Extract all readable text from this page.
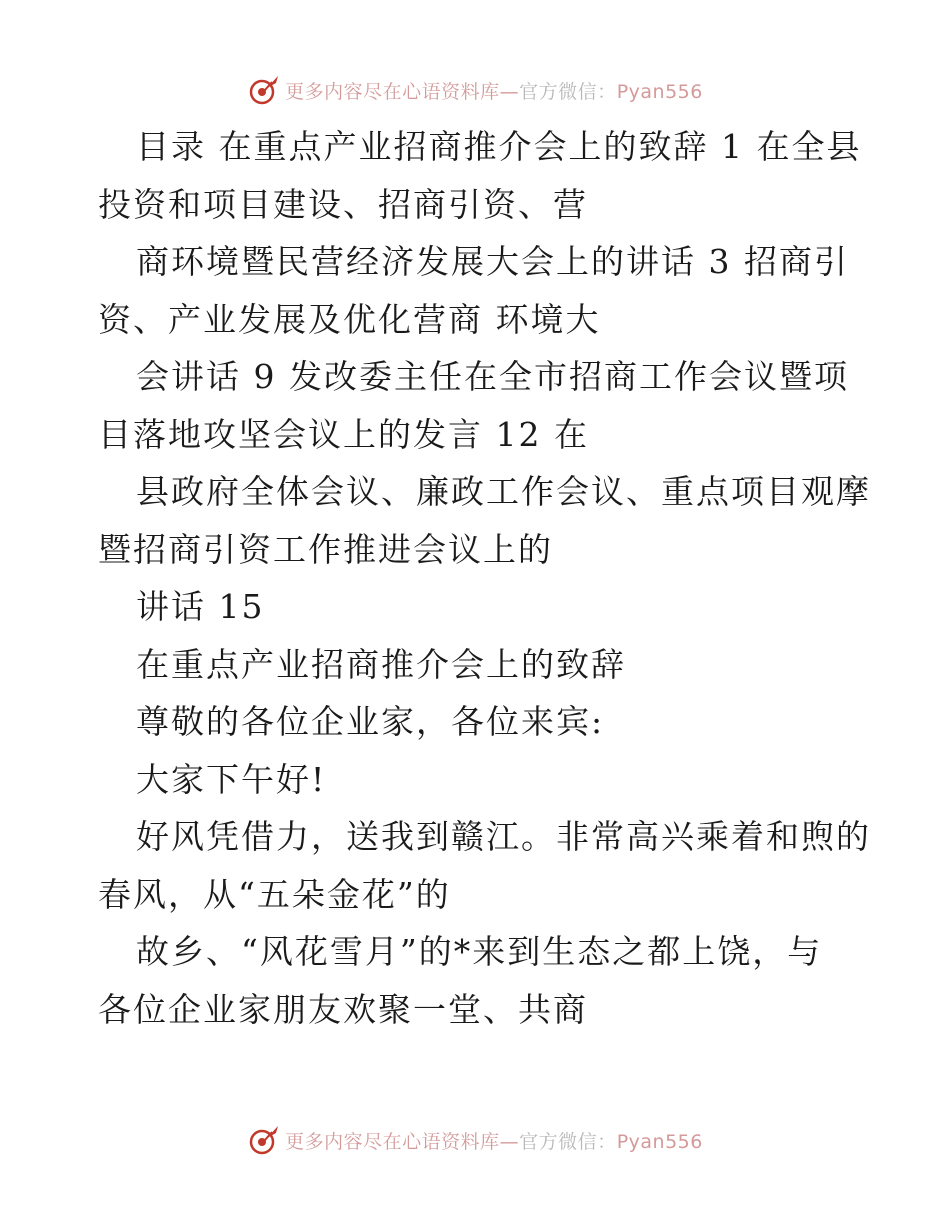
更多内容尽在心语资料库—官方微信：Pyan556
目录 在重点产业招商推介会上的致辞 1 在全县
投资和项目建设、招商引资、营
商环境暨民营经济发展大会上的讲话 3 招商引
资、产业发展及优化营商 环境大
会讲话 9 发改委主任在全市招商工作会议暨项
目落地攻坚会议上的发言 12 在
县政府全体会议、廉政工作会议、重点项目观摩
暨招商引资工作推进会议上的
讲话 15
在重点产业招商推介会上的致辞
尊敬的各位企业家，各位来宾:
大家下午好!
好风凭借力，送我到赣江。非常高兴乘着和煦的
春风，从“五朵金花”的
故乡、“风花雪月”的*来到生态之都上饶，与
各位企业家朋友欢聚一堂、共商
更多内容尽在心语资料库—官方微信：Pyan556
